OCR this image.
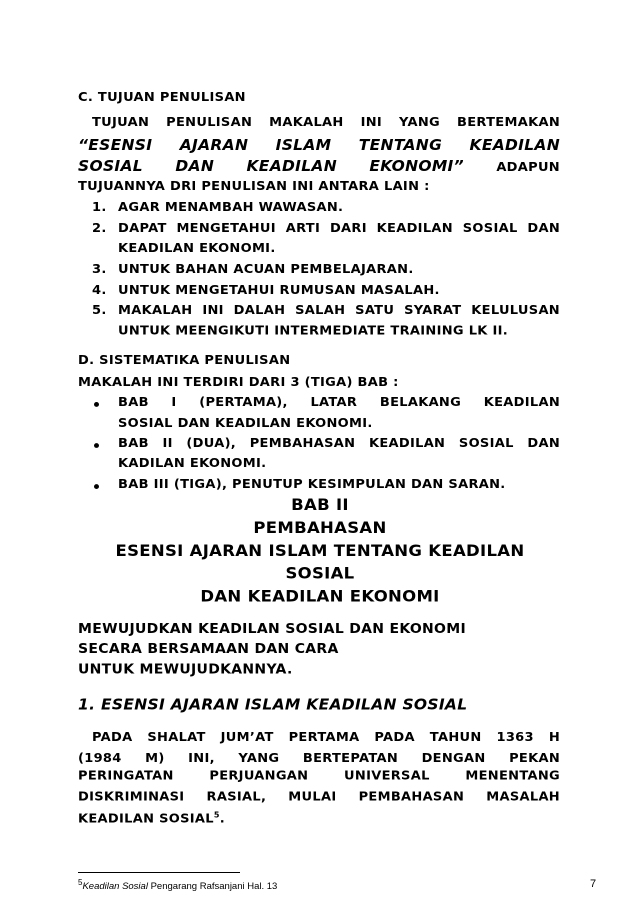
C. TUJUAN PENULISAN
TUJUAN PENULISAN MAKALAH INI YANG BERTEMAKAN
“ESENSI AJARAN ISLAM TENTANG KEADILAN
SOSIAL DAN KEADILAN EKONOMI” ADAPUN
TUJUANNYA DRI PENULISAN INI ANTARA LAIN :
1. AGAR MENAMBAH WAWASAN.
2. DAPAT MENGETAHUI ARTI DARI KEADILAN SOSIAL DAN
KEADILAN EKONOMI.
3. UNTUK BAHAN ACUAN PEMBELAJARAN.
4. UNTUK MENGETAHUI RUMUSAN MASALAH.
5. MAKALAH INI DALAH SALAH SATU SYARAT KELULUSAN
UNTUK MEENGIKUTI INTERMEDIATE TRAINING LK II.
D. SISTEMATIKA PENULISAN
MAKALAH INI TERDIRI DARI 3 (TIGA) BAB :
BAB I (PERTAMA), LATAR BELAKANG KEADILAN
SOSIAL DAN KEADILAN EKONOMI.
BAB II (DUA), PEMBAHASAN KEADILAN SOSIAL DAN
KADILAN EKONOMI.
BAB III (TIGA), PENUTUP KESIMPULAN DAN SARAN.
BAB II
PEMBAHASAN
ESENSI AJARAN ISLAM TENTANG KEADILAN
SOSIAL
DAN KEADILAN EKONOMI
MEWUJUDKAN KEADILAN SOSIAL DAN EKONOMI
SECARA BERSAMAAN DAN CARA
UNTUK MEWUJUDKANNYA.
1. ESENSI AJARAN ISLAM KEADILAN SOSIAL
PADA SHALAT JUM’AT PERTAMA PADA TAHUN 1363 H
(1984 M) INI, YANG BERTEPATAN DENGAN PEKAN
PERINGATAN PERJUANGAN UNIVERSAL MENENTANG
DISKRIMINASI RASIAL, MULAI PEMBAHASAN MASALAH
KEADILAN SOSIAL$^5$.
$^5$Keadilan Sosial Pengarang Rafsanjani Hal. 13	7
